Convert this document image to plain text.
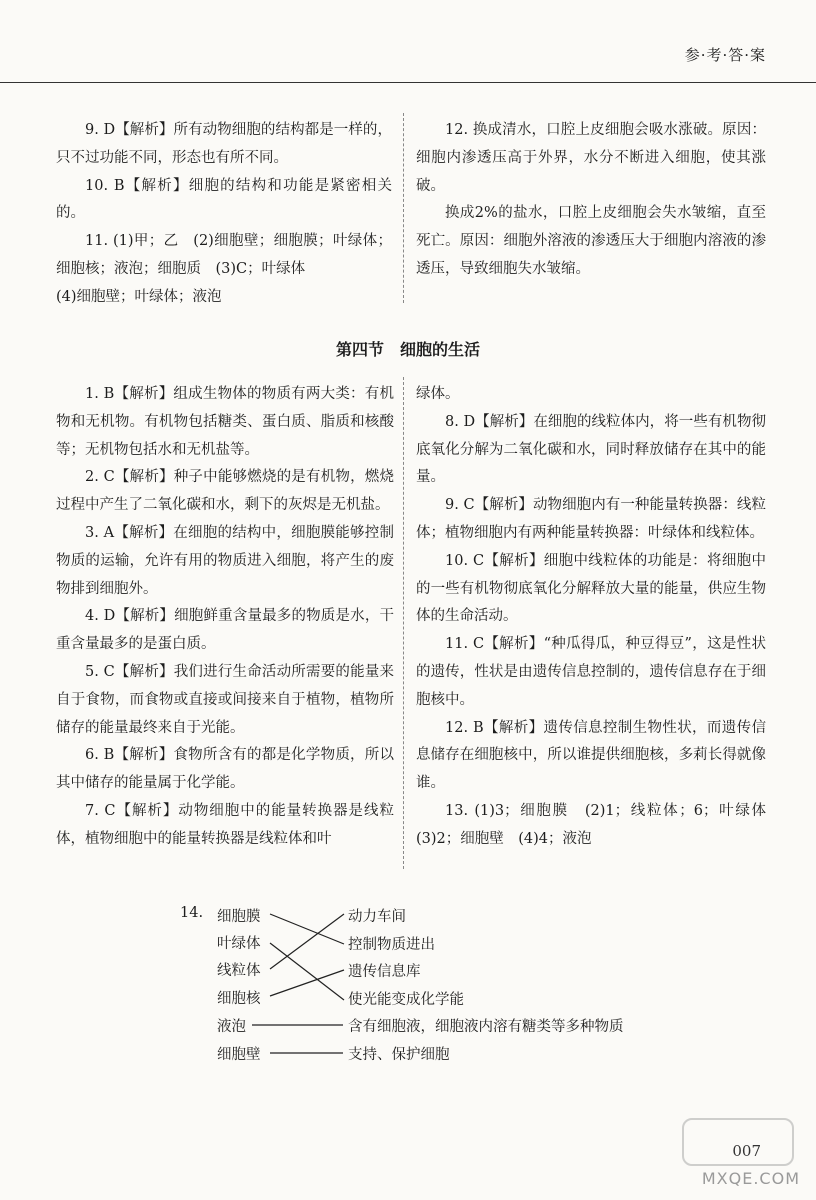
参·考·答·案

9. D【解析】所有动物细胞的结构都是一样的，只不过功能不同，形态也有所不同。

10. B【解析】细胞的结构和功能是紧密相关的。

11. (1)甲；乙　(2)细胞壁；细胞膜；叶绿体；细胞核；液泡；细胞质　(3)C；叶绿体

(4)细胞壁；叶绿体；液泡

12. 换成清水，口腔上皮细胞会吸水涨破。原因：细胞内渗透压高于外界，水分不断进入细胞，使其涨破。

换成2%的盐水，口腔上皮细胞会失水皱缩，直至死亡。原因：细胞外溶液的渗透压大于细胞内溶液的渗透压，导致细胞失水皱缩。

第四节　细胞的生活

1. B【解析】组成生物体的物质有两大类：有机物和无机物。有机物包括糖类、蛋白质、脂质和核酸等；无机物包括水和无机盐等。

2. C【解析】种子中能够燃烧的是有机物，燃烧过程中产生了二氧化碳和水，剩下的灰烬是无机盐。

3. A【解析】在细胞的结构中，细胞膜能够控制物质的运输，允许有用的物质进入细胞，将产生的废物排到细胞外。

4. D【解析】细胞鲜重含量最多的物质是水，干重含量最多的是蛋白质。

5. C【解析】我们进行生命活动所需要的能量来自于食物，而食物或直接或间接来自于植物，植物所储存的能量最终来自于光能。

6. B【解析】食物所含有的都是化学物质，所以其中储存的能量属于化学能。

7. C【解析】动物细胞中的能量转换器是线粒体，植物细胞中的能量转换器是线粒体和叶

绿体。

8. D【解析】在细胞的线粒体内，将一些有机物彻底氧化分解为二氧化碳和水，同时释放储存在其中的能量。

9. C【解析】动物细胞内有一种能量转换器：线粒体；植物细胞内有两种能量转换器：叶绿体和线粒体。

10. C【解析】细胞中线粒体的功能是：将细胞中的一些有机物彻底氧化分解释放大量的能量，供应生物体的生命活动。

11. C【解析】“种瓜得瓜，种豆得豆”，这是性状的遗传，性状是由遗传信息控制的，遗传信息存在于细胞核中。

12. B【解析】遗传信息控制生物性状，而遗传信息储存在细胞核中，所以谁提供细胞核，多莉长得就像谁。

13. (1)3；细胞膜　(2)1；线粒体；6；叶绿体　(3)2；细胞壁　(4)4；液泡

14. 细胞膜
叶绿体
线粒体
细胞核
液泡
细胞壁
动力车间
控制物质进出
遗传信息库
使光能变成化学能
含有细胞液，细胞液内溶有糖类等多种物质
支持、保护细胞
007
MXQE.COM
